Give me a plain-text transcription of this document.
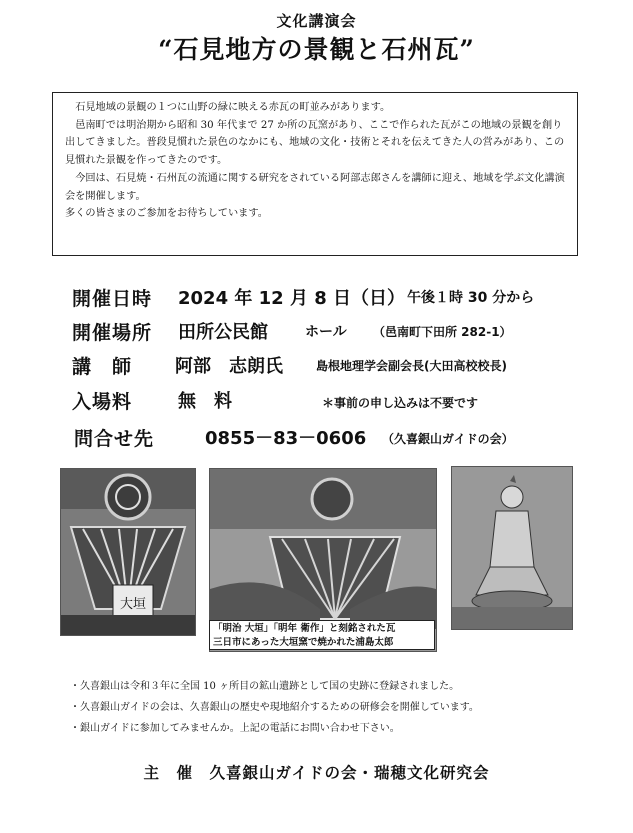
文化講演会
“石見地方の景観と石州瓦”

石見地域の景観の１つに山野の緑に映える赤瓦の町並みがあります。

邑南町では明治期から昭和 30 年代まで 27 か所の瓦窯があり、ここで作られた瓦がこの地域の景観を創り出してきました。普段見慣れた景色のなかにも、地域の文化・技術とそれを伝えてきた人の営みがあり、この見慣れた景観を作ってきたのです。

今回は、石見焼・石州瓦の流通に関する研究をされている阿部志郎さんを講師に迎え、地域を学ぶ文化講演会を開催します。

多くの皆さまのご参加をお待ちしています。

開催日時 2024 年 12 月 8 日（日） 午後１時 30 分から
開催場所 田所公民館	ホール （邑南町下田所 282-1）
講　師 阿部　志朗氏	島根地理学会副会長(大田高校校長)
入場料	無　料	＊事前の申し込みは不要です
問合せ先	0855－83－0606 （久喜銀山ガイドの会）
大垣
「明治 大垣」「明年 衛作」と刻銘された瓦
三日市にあった大垣窯で焼かれた浦島太郎
・久喜銀山は令和３年に全国 10 ヶ所目の鉱山遺跡として国の史跡に登録されました。
・久喜銀山ガイドの会は、久喜銀山の歴史や現地紹介するための研修会を開催しています。
・銀山ガイドに参加してみませんか。上記の電話にお問い合わせ下さい。
主　催　久喜銀山ガイドの会・瑞穂文化研究会
